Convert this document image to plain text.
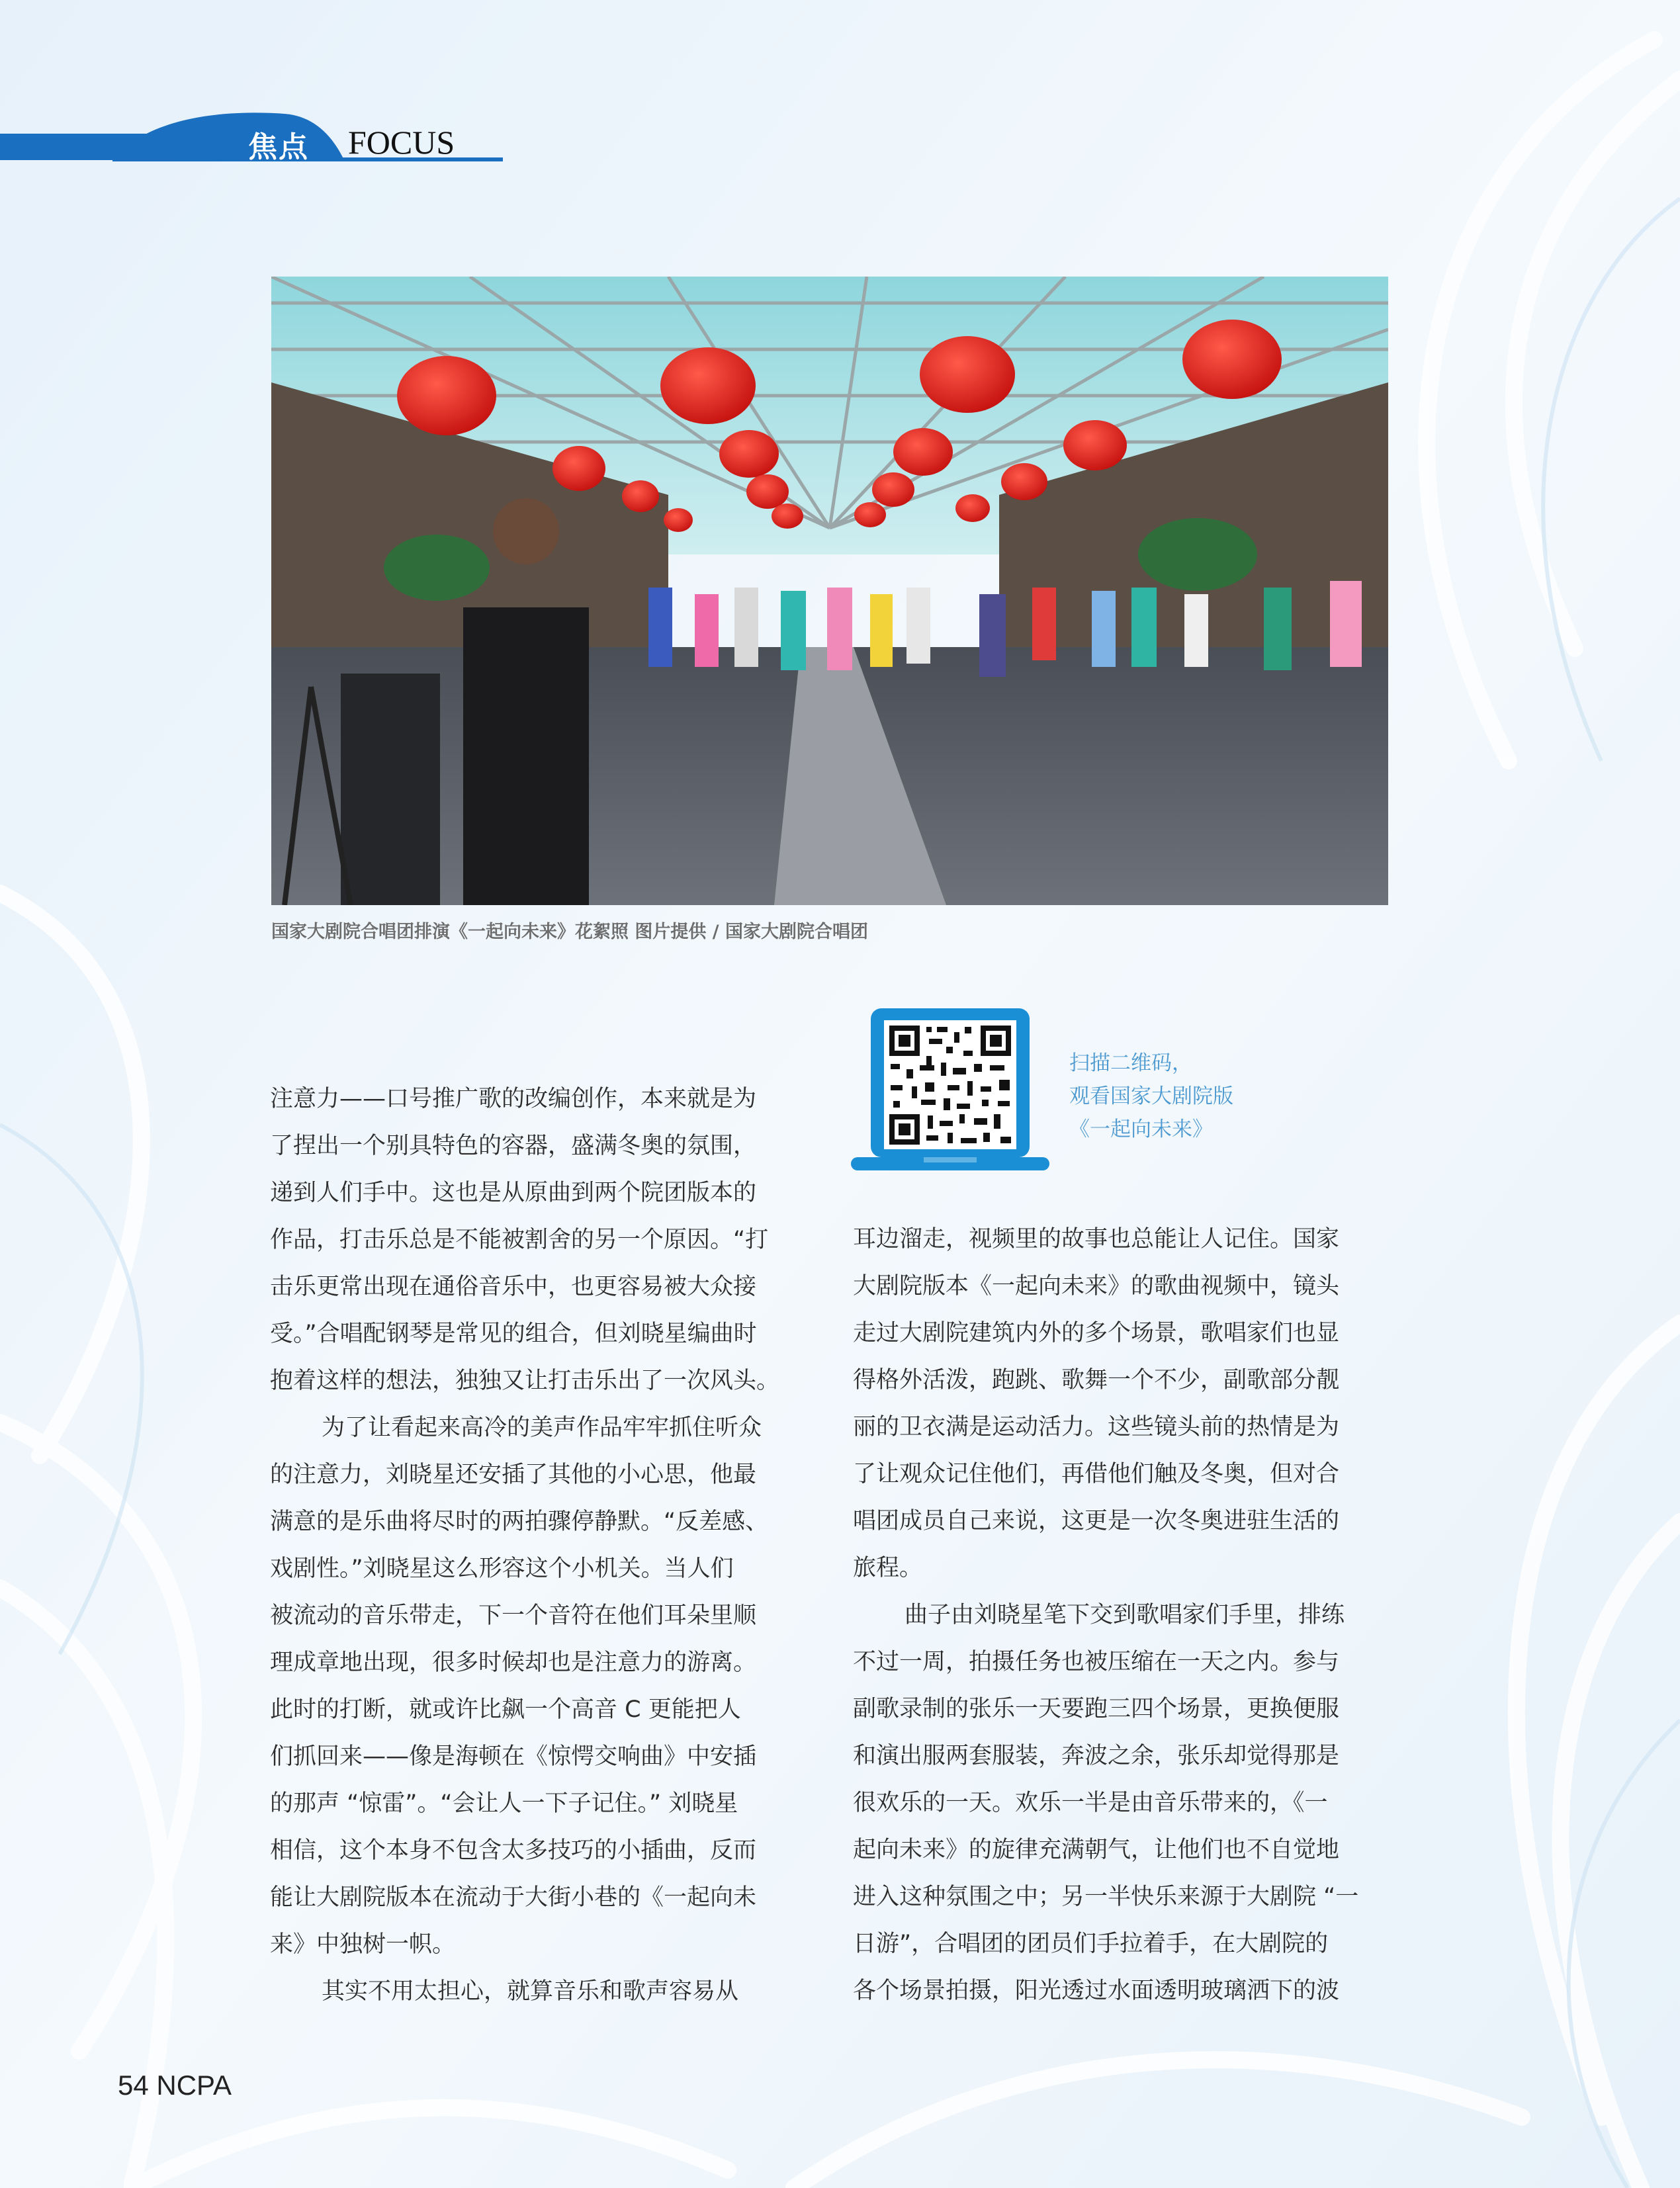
焦点 FOCUS
国家大剧院合唱团排演《一起向未来》花絮照 图片提供 / 国家大剧院合唱团
扫描二维码，
观看国家大剧院版
《一起向未来》

注意力——口号推广歌的改编创作，本来就是为

了捏出一个别具特色的容器，盛满冬奥的氛围，

递到人们手中。这也是从原曲到两个院团版本的

作品，打击乐总是不能被割舍的另一个原因。“打

击乐更常出现在通俗音乐中，也更容易被大众接

受。”合唱配钢琴是常见的组合，但刘晓星编曲时

抱着这样的想法，独独又让打击乐出了一次风头。

为了让看起来高冷的美声作品牢牢抓住听众

的注意力，刘晓星还安插了其他的小心思，他最

满意的是乐曲将尽时的两拍骤停静默。“反差感、

戏剧性。”刘晓星这么形容这个小机关。当人们

被流动的音乐带走，下一个音符在他们耳朵里顺

理成章地出现，很多时候却也是注意力的游离。

此时的打断，就或许比飙一个高音 C 更能把人

们抓回来——像是海顿在《惊愕交响曲》中安插

的那声 “惊雷”。“会让人一下子记住。” 刘晓星

相信，这个本身不包含太多技巧的小插曲，反而

能让大剧院版本在流动于大街小巷的《一起向未

来》中独树一帜。

其实不用太担心，就算音乐和歌声容易从

耳边溜走，视频里的故事也总能让人记住。国家

大剧院版本《一起向未来》的歌曲视频中，镜头

走过大剧院建筑内外的多个场景，歌唱家们也显

得格外活泼，跑跳、歌舞一个不少，副歌部分靓

丽的卫衣满是运动活力。这些镜头前的热情是为

了让观众记住他们，再借他们触及冬奥，但对合

唱团成员自己来说，这更是一次冬奥进驻生活的

旅程。

曲子由刘晓星笔下交到歌唱家们手里，排练

不过一周，拍摄任务也被压缩在一天之内。参与

副歌录制的张乐一天要跑三四个场景，更换便服

和演出服两套服装，奔波之余，张乐却觉得那是

很欢乐的一天。欢乐一半是由音乐带来的，《一

起向未来》的旋律充满朝气，让他们也不自觉地

进入这种氛围之中；另一半快乐来源于大剧院 “一

日游”，合唱团的团员们手拉着手，在大剧院的

各个场景拍摄，阳光透过水面透明玻璃洒下的波

54 NCPA
